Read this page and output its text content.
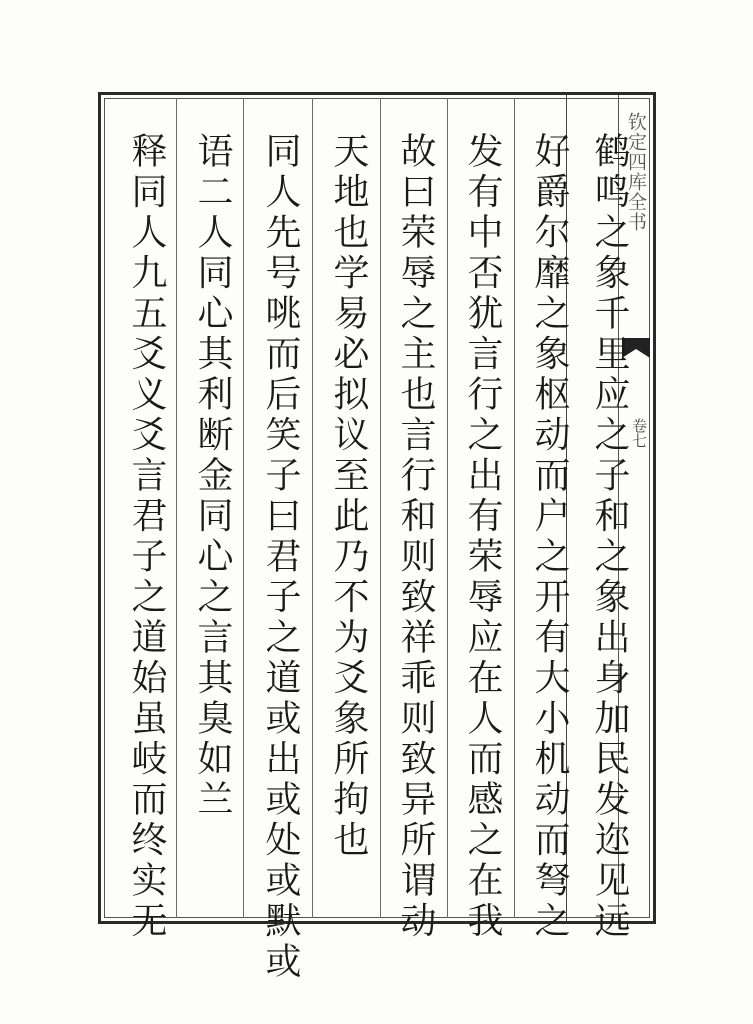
钦定四库全书
卷七
鹤鸣之象千里应之子和之象出身加民发迩见远
好爵尔靡之象枢动而户之开有大小机动而弩之
发有中否犹言行之出有荣辱应在人而感之在我
故曰荣辱之主也言行和则致祥乖则致异所谓动
天地也学易必拟议至此乃不为爻象所拘也
同人先号咷而后笑子曰君子之道或出或处或默或
语二人同心其利断金同心之言其臭如兰
释同人九五爻义爻言君子之道始虽岐而终实无
